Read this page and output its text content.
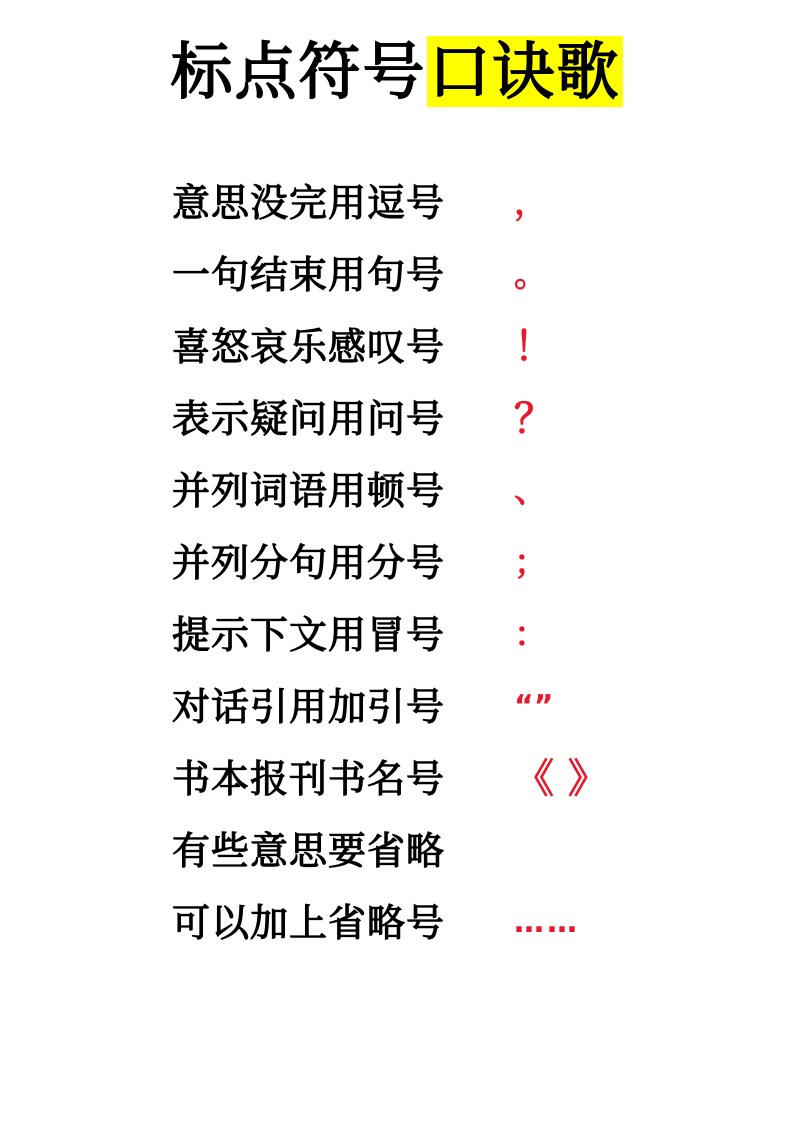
标点符号口诀歌
意思没完用逗号	，
一句结束用句号	。
喜怒哀乐感叹号	！
表示疑问用问号	？
并列词语用顿号	、
并列分句用分号	；
提示下文用冒号	：
对话引用加引号	“”
书本报刊书名号	《 》
有些意思要省略
可以加上省略号	……
